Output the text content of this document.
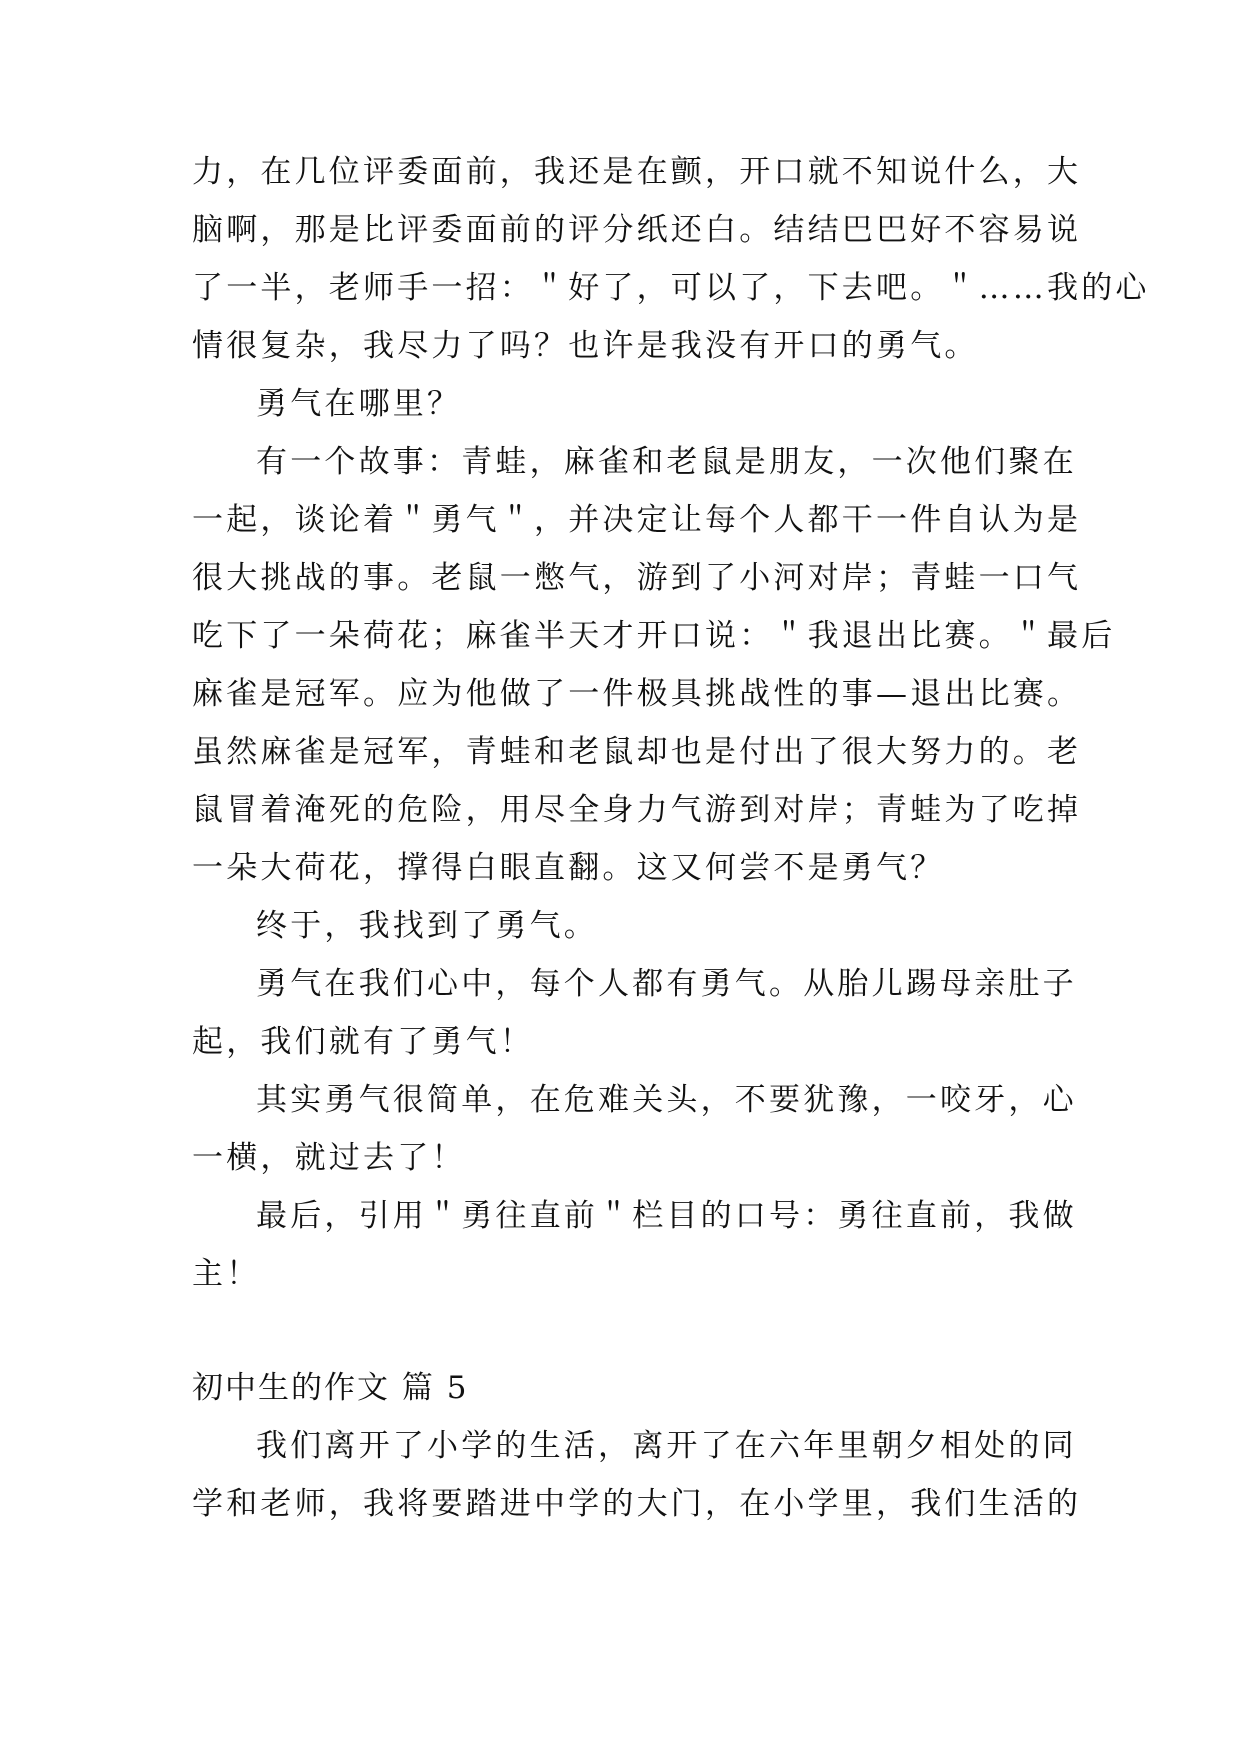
力，在几位评委面前，我还是在颤，开口就不知说什么，大
脑啊，那是比评委面前的评分纸还白。结结巴巴好不容易说
了一半，老师手一招：＂好了，可以了，下去吧。＂……我的心
情很复杂，我尽力了吗？也许是我没有开口的勇气。
勇气在哪里？
有一个故事：青蛙，麻雀和老鼠是朋友，一次他们聚在
一起，谈论着＂勇气＂，并决定让每个人都干一件自认为是
很大挑战的事。老鼠一憋气，游到了小河对岸；青蛙一口气
吃下了一朵荷花；麻雀半天才开口说：＂我退出比赛。＂最后
麻雀是冠军。应为他做了一件极具挑战性的事—退出比赛。
虽然麻雀是冠军，青蛙和老鼠却也是付出了很大努力的。老
鼠冒着淹死的危险，用尽全身力气游到对岸；青蛙为了吃掉
一朵大荷花，撑得白眼直翻。这又何尝不是勇气？
终于，我找到了勇气。
勇气在我们心中，每个人都有勇气。从胎儿踢母亲肚子
起，我们就有了勇气！
其实勇气很简单，在危难关头，不要犹豫，一咬牙，心
一横，就过去了！
最后，引用＂勇往直前＂栏目的口号：勇往直前，我做
主！
初中生的作文 篇 5
我们离开了小学的生活，离开了在六年里朝夕相处的同
学和老师，我将要踏进中学的大门，在小学里，我们生活的
